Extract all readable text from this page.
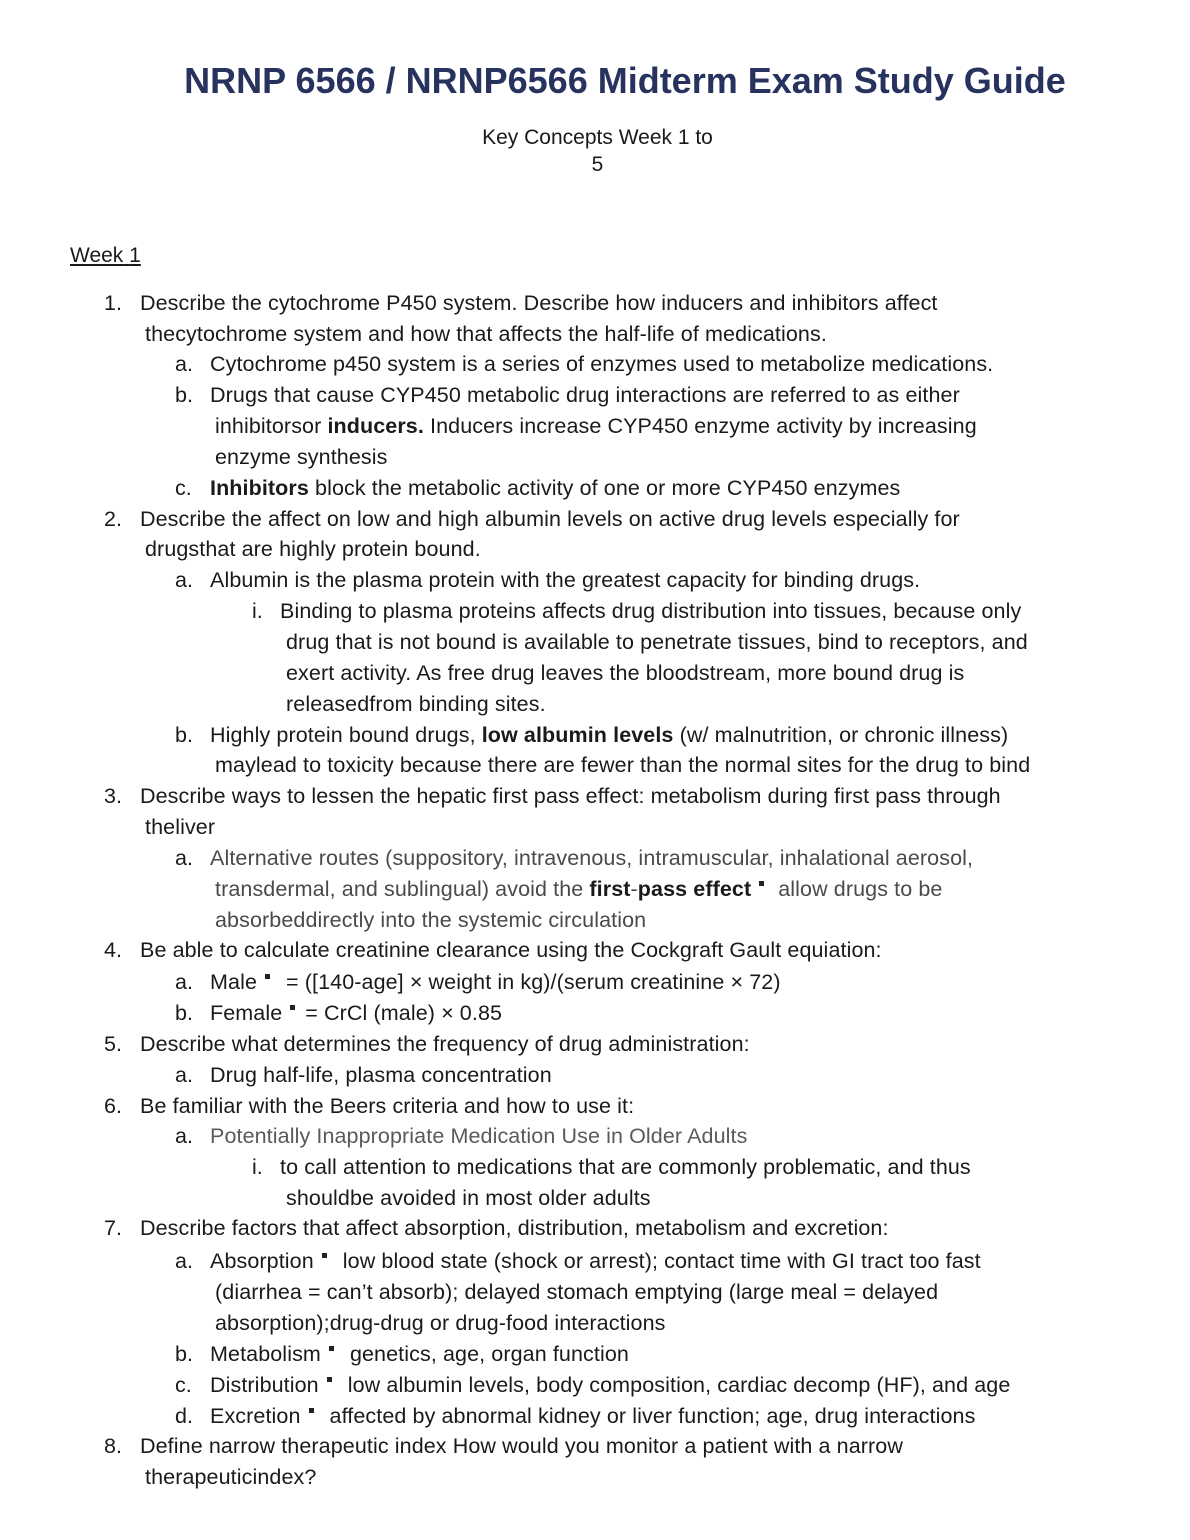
NRNP 6566 / NRNP6566 Midterm Exam Study Guide
Key Concepts Week 1 to
5
Week 1
1. Describe the cytochrome P450 system. Describe how inducers and inhibitors affect
thecytochrome system and how that affects the half-life of medications.
a. Cytochrome p450 system is a series of enzymes used to metabolize medications.
b. Drugs that cause CYP450 metabolic drug interactions are referred to as either
inhibitorsor inducers. Inducers increase CYP450 enzyme activity by increasing
enzyme synthesis
c. Inhibitors block the metabolic activity of one or more CYP450 enzymes
2. Describe the affect on low and high albumin levels on active drug levels especially for
drugsthat are highly protein bound.
a. Albumin is the plasma protein with the greatest capacity for binding drugs.
i. Binding to plasma proteins affects drug distribution into tissues, because only
drug that is not bound is available to penetrate tissues, bind to receptors, and
exert activity. As free drug leaves the bloodstream, more bound drug is
releasedfrom binding sites.
b. Highly protein bound drugs, low albumin levels (w/ malnutrition, or chronic illness)
maylead to toxicity because there are fewer than the normal sites for the drug to bind
3. Describe ways to lessen the hepatic first pass effect: metabolism during first pass through
theliver
a. Alternative routes (suppository, intravenous, intramuscular, inhalational aerosol,
transdermal, and sublingual) avoid the first-pass effect allow drugs to be
absorbeddirectly into the systemic circulation
4. Be able to calculate creatinine clearance using the Cockgraft Gault equiation:
a. Male = ([140-age] × weight in kg)/(serum creatinine × 72)
b. Female = CrCl (male) × 0.85
5. Describe what determines the frequency of drug administration:
a. Drug half-life, plasma concentration
6. Be familiar with the Beers criteria and how to use it:
a. Potentially Inappropriate Medication Use in Older Adults
i. to call attention to medications that are commonly problematic, and thus
shouldbe avoided in most older adults
7. Describe factors that affect absorption, distribution, metabolism and excretion:
a. Absorption low blood state (shock or arrest); contact time with GI tract too fast
(diarrhea = can’t absorb); delayed stomach emptying (large meal = delayed
absorption);drug-drug or drug-food interactions
b. Metabolism genetics, age, organ function
c. Distribution low albumin levels, body composition, cardiac decomp (HF), and age
d. Excretion affected by abnormal kidney or liver function; age, drug interactions
8. Define narrow therapeutic index How would you monitor a patient with a narrow
therapeuticindex?
